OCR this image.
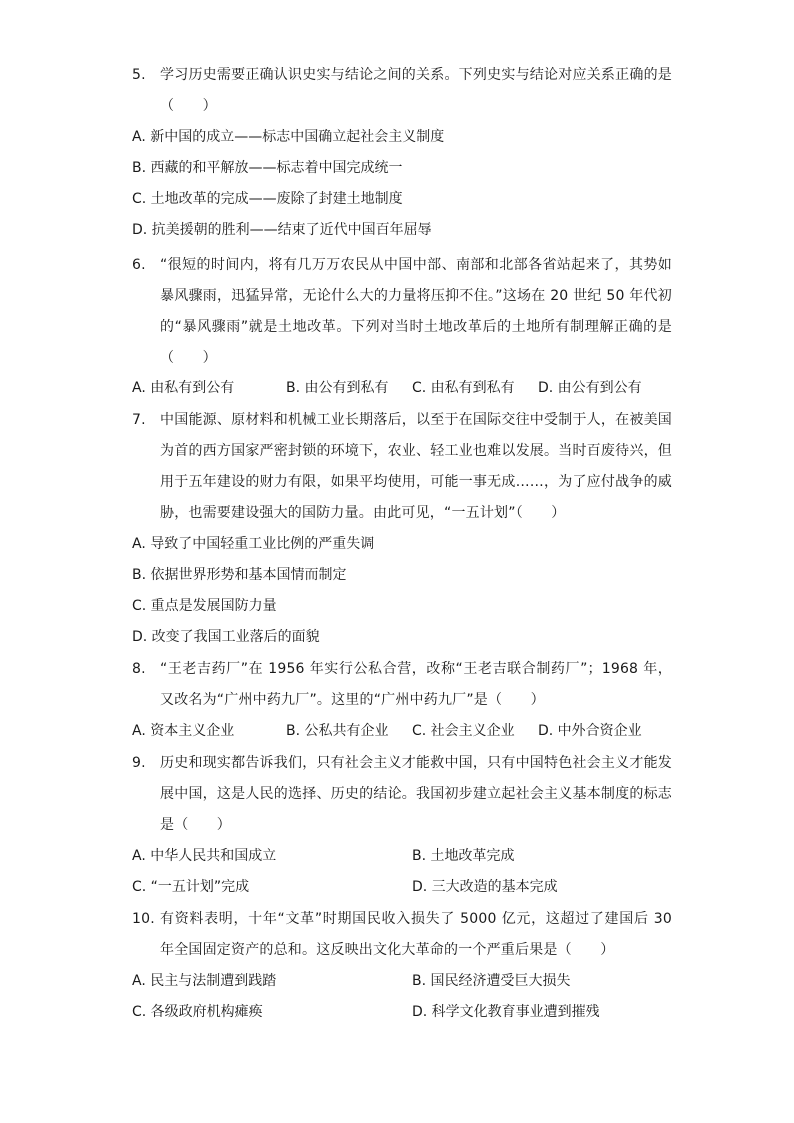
5.	学习历史需要正确认识史实与结论之间的关系。下列史实与结论对应关系正确的是（　　）
A. 新中国的成立——标志中国确立起社会主义制度
B. 西藏的和平解放——标志着中国完成统一
C. 土地改革的完成——废除了封建土地制度
D. 抗美援朝的胜利——结束了近代中国百年屈辱
6.	“很短的时间内，将有几万万农民从中国中部、南部和北部各省站起来了，其势如暴风骤雨，迅猛异常，无论什么大的力量将压抑不住。”这场在 20 世纪 50 年代初的“暴风骤雨”就是土地改革。下列对当时土地改革后的土地所有制理解正确的是（　　）
A. 由私有到公有	B. 由公有到私有 C. 由私有到私有 D. 由公有到公有
7.	中国能源、原材料和机械工业长期落后，以至于在国际交往中受制于人，在被美国为首的西方国家严密封锁的环境下，农业、轻工业也难以发展。当时百废待兴，但用于五年建设的财力有限，如果平均使用，可能一事无成……，为了应付战争的威胁，也需要建设强大的国防力量。由此可见，“一五计划”（　　）
A. 导致了中国轻重工业比例的严重失调
B. 依据世界形势和基本国情而制定
C. 重点是发展国防力量
D. 改变了我国工业落后的面貌
8.	“王老吉药厂”在 1956 年实行公私合营，改称“王老吉联合制药厂”；1968 年，又改名为“广州中药九厂”。这里的“广州中药九厂”是（　　）
A. 资本主义企业	B. 公私共有企业 C. 社会主义企业 D. 中外合资企业
9.	历史和现实都告诉我们，只有社会主义才能救中国，只有中国特色社会主义才能发展中国，这是人民的选择、历史的结论。我国初步建立起社会主义基本制度的标志是（　　）
A. 中华人民共和国成立	B. 土地改革完成
C. “一五计划”完成	D. 三大改造的基本完成
10. 有资料表明，十年“文革”时期国民收入损失了 5000 亿元，这超过了建国后 30 年全国固定资产的总和。这反映出文化大革命的一个严重后果是（　　）
A. 民主与法制遭到践踏	B. 国民经济遭受巨大损失
C. 各级政府机构瘫痪	D. 科学文化教育事业遭到摧残
